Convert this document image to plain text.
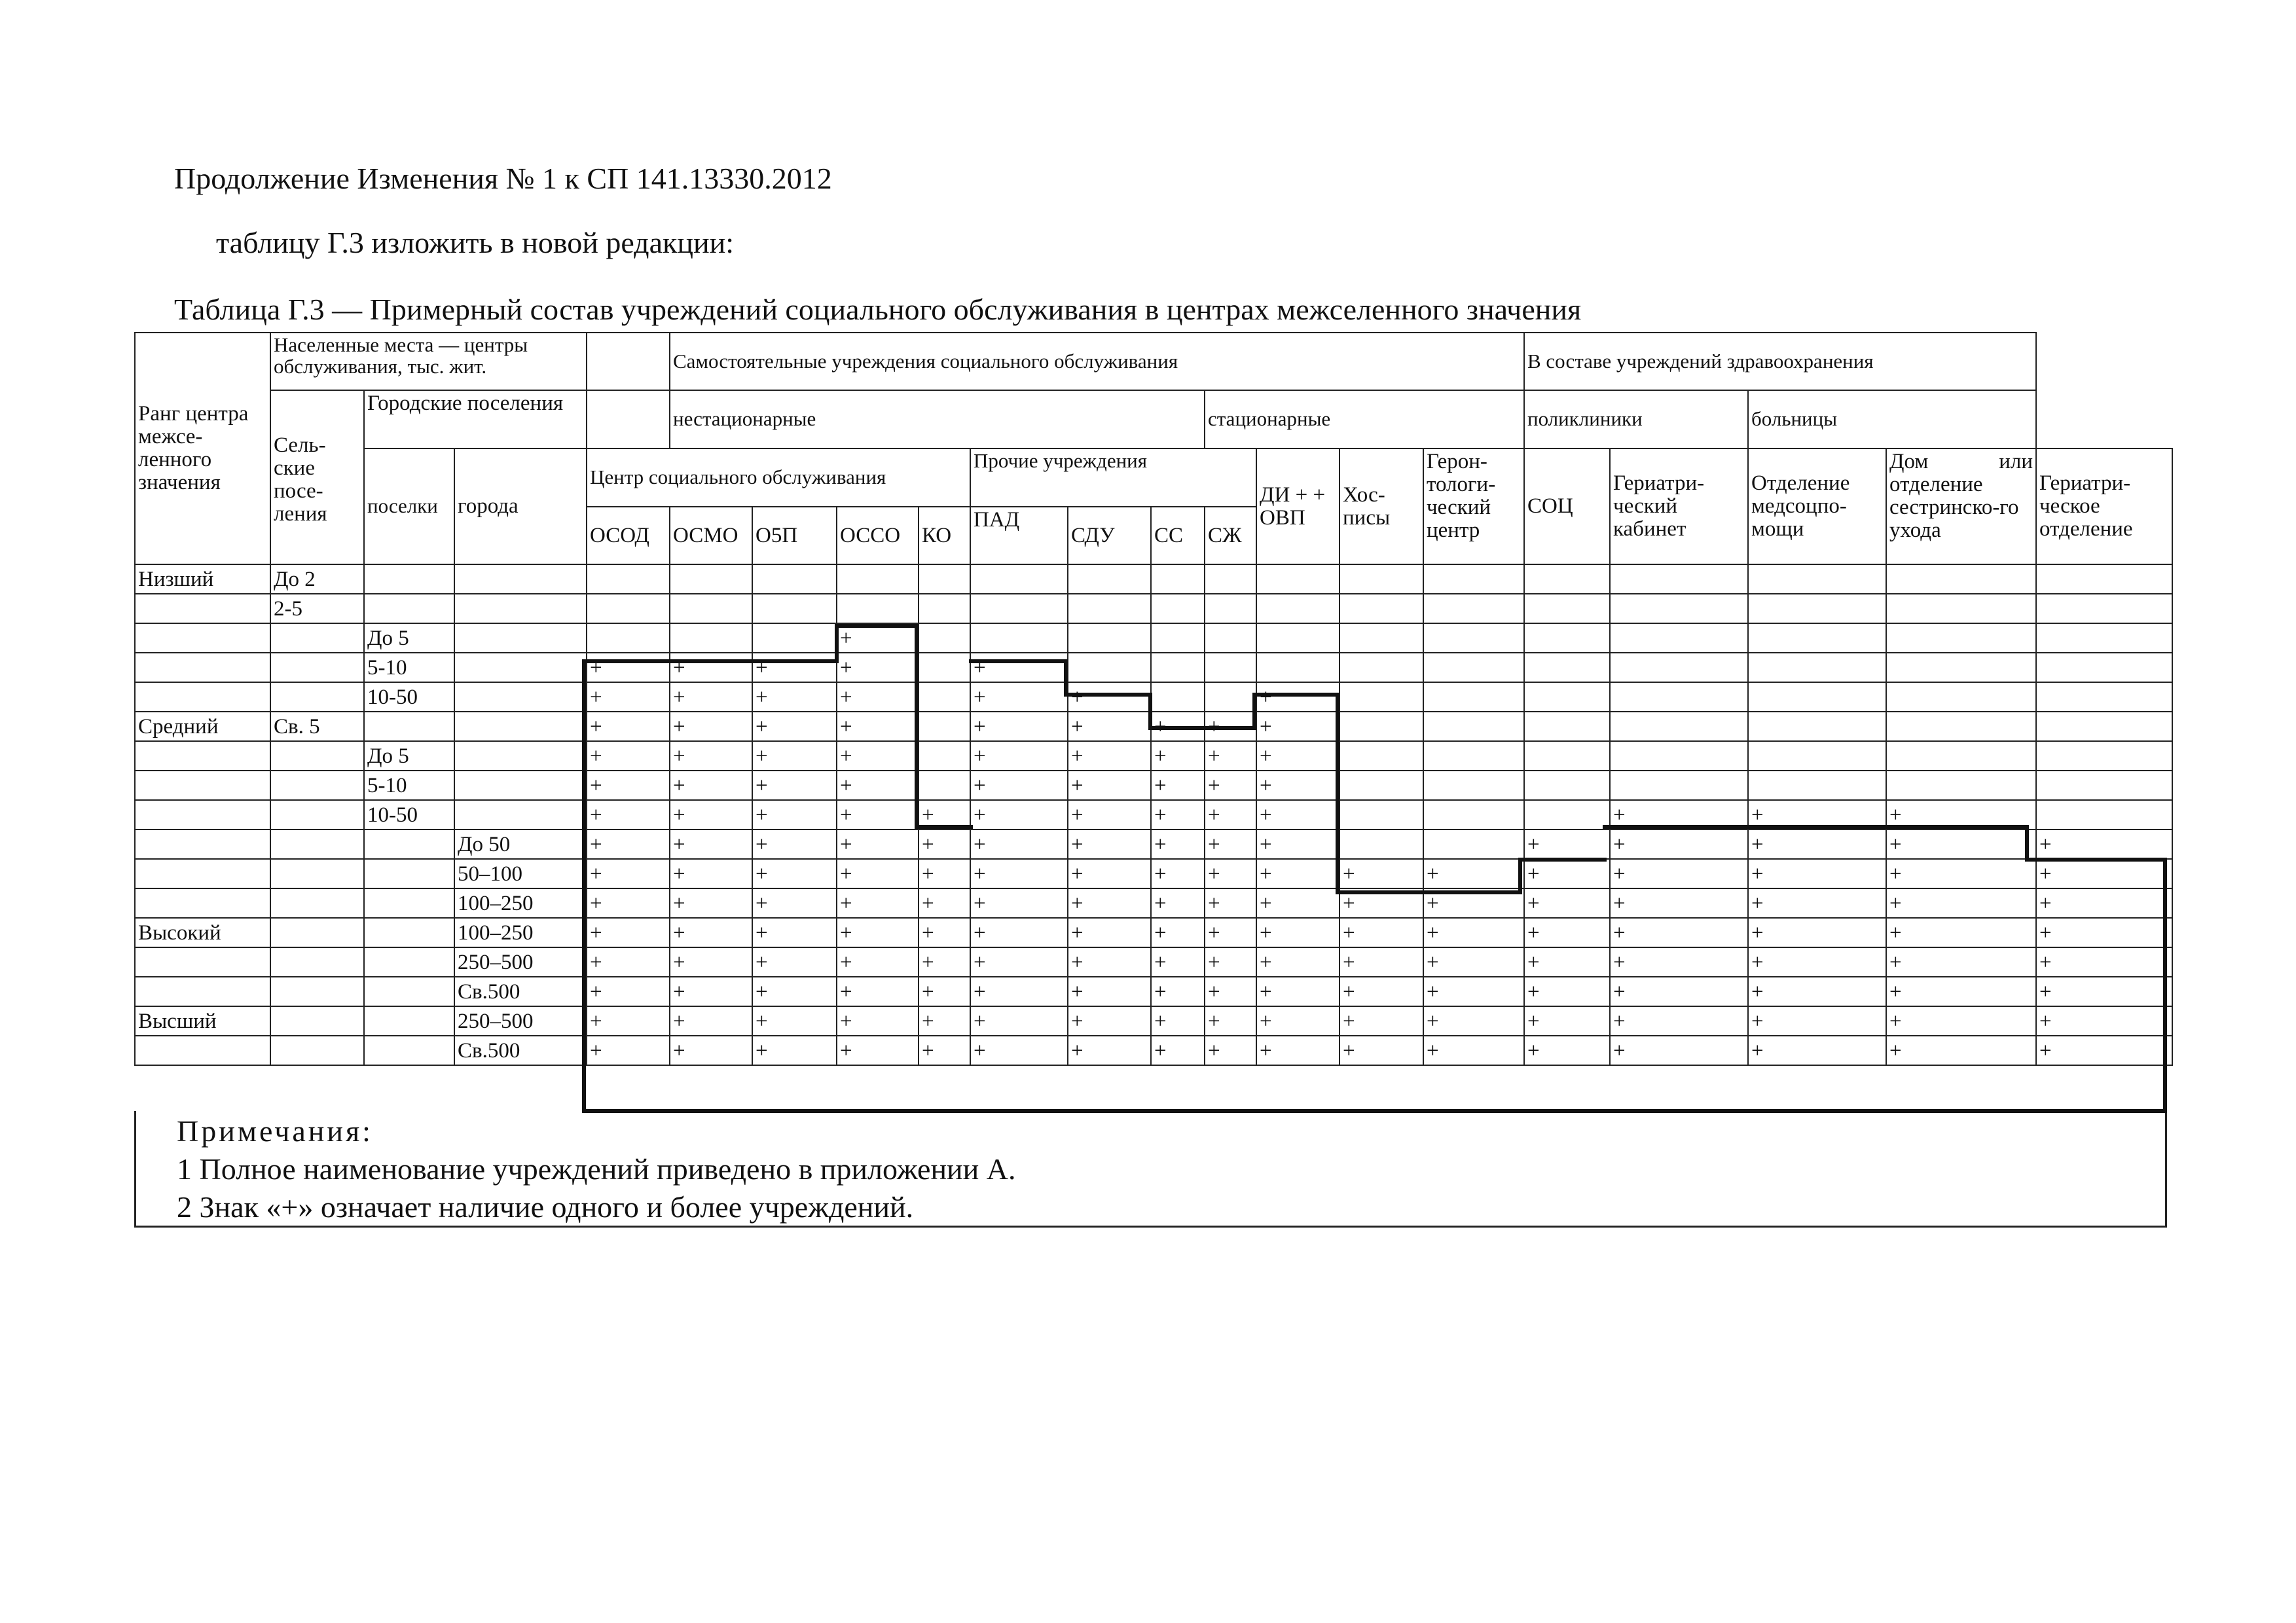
Продолжение Изменения № 1 к СП 141.13330.2012
таблицу Г.3 изложить в новой редакции:
Таблица Г.3 — Примерный состав учреждений социального обслуживания в центрах межселенного значения
Ранг центра межсе-ленного значения	Населенные места — центры обслуживания, тыс. жит.				Самостоятельные учреждения социального обслуживания											В составе учреждений здравоохранения				
	Сель-ские посе-ления	Городские поселения			нестационарные							стационарные				поликлиники		больницы		
		поселки	города	Центр социального обслуживания					Прочие учреждения				ДИ + + ОВП	Хос-писы	Герон-тологи-ческий центр	СОЦ	Гериатри-ческий кабинет	Отделение медсоцпо-мощи	Дом или отделение сестринско-го ухода	Гериатри-ческое отделение
				ОСОД	ОСМО	О5П	ОССО	КО	ПАД	СДУ	СС	СЖ								
Низший	До 2																			
	2-5																			
		До 5					+													
		5-10		+	+	+	+		+											
		10-50		+	+	+	+		+	+			+							
Средний	Св. 5			+	+	+	+		+	+	+	+	+							
		До 5		+	+	+	+		+	+	+	+	+							
		5-10		+	+	+	+		+	+	+	+	+							
		10-50		+	+	+	+	+	+	+	+	+	+				+	+	+	
			До 50	+	+	+	+	+	+	+	+	+	+			+	+	+	+	+
			50–100	+	+	+	+	+	+	+	+	+	+	+	+	+	+	+	+	+
			100–250	+	+	+	+	+	+	+	+	+	+	+	+	+	+	+	+	+
Высокий			100–250	+	+	+	+	+	+	+	+	+	+	+	+	+	+	+	+	+
			250–500	+	+	+	+	+	+	+	+	+	+	+	+	+	+	+	+	+
			Св.500	+	+	+	+	+	+	+	+	+	+	+	+	+	+	+	+	+
Высший			250–500	+	+	+	+	+	+	+	+	+	+	+	+	+	+	+	+	+
			Св.500	+	+	+	+	+	+	+	+	+	+	+	+	+	+	+	+	+
Примечания:
1 Полное наименование учреждений приведено в приложении А.
2 Знак «+» означает наличие одного и более учреждений.
